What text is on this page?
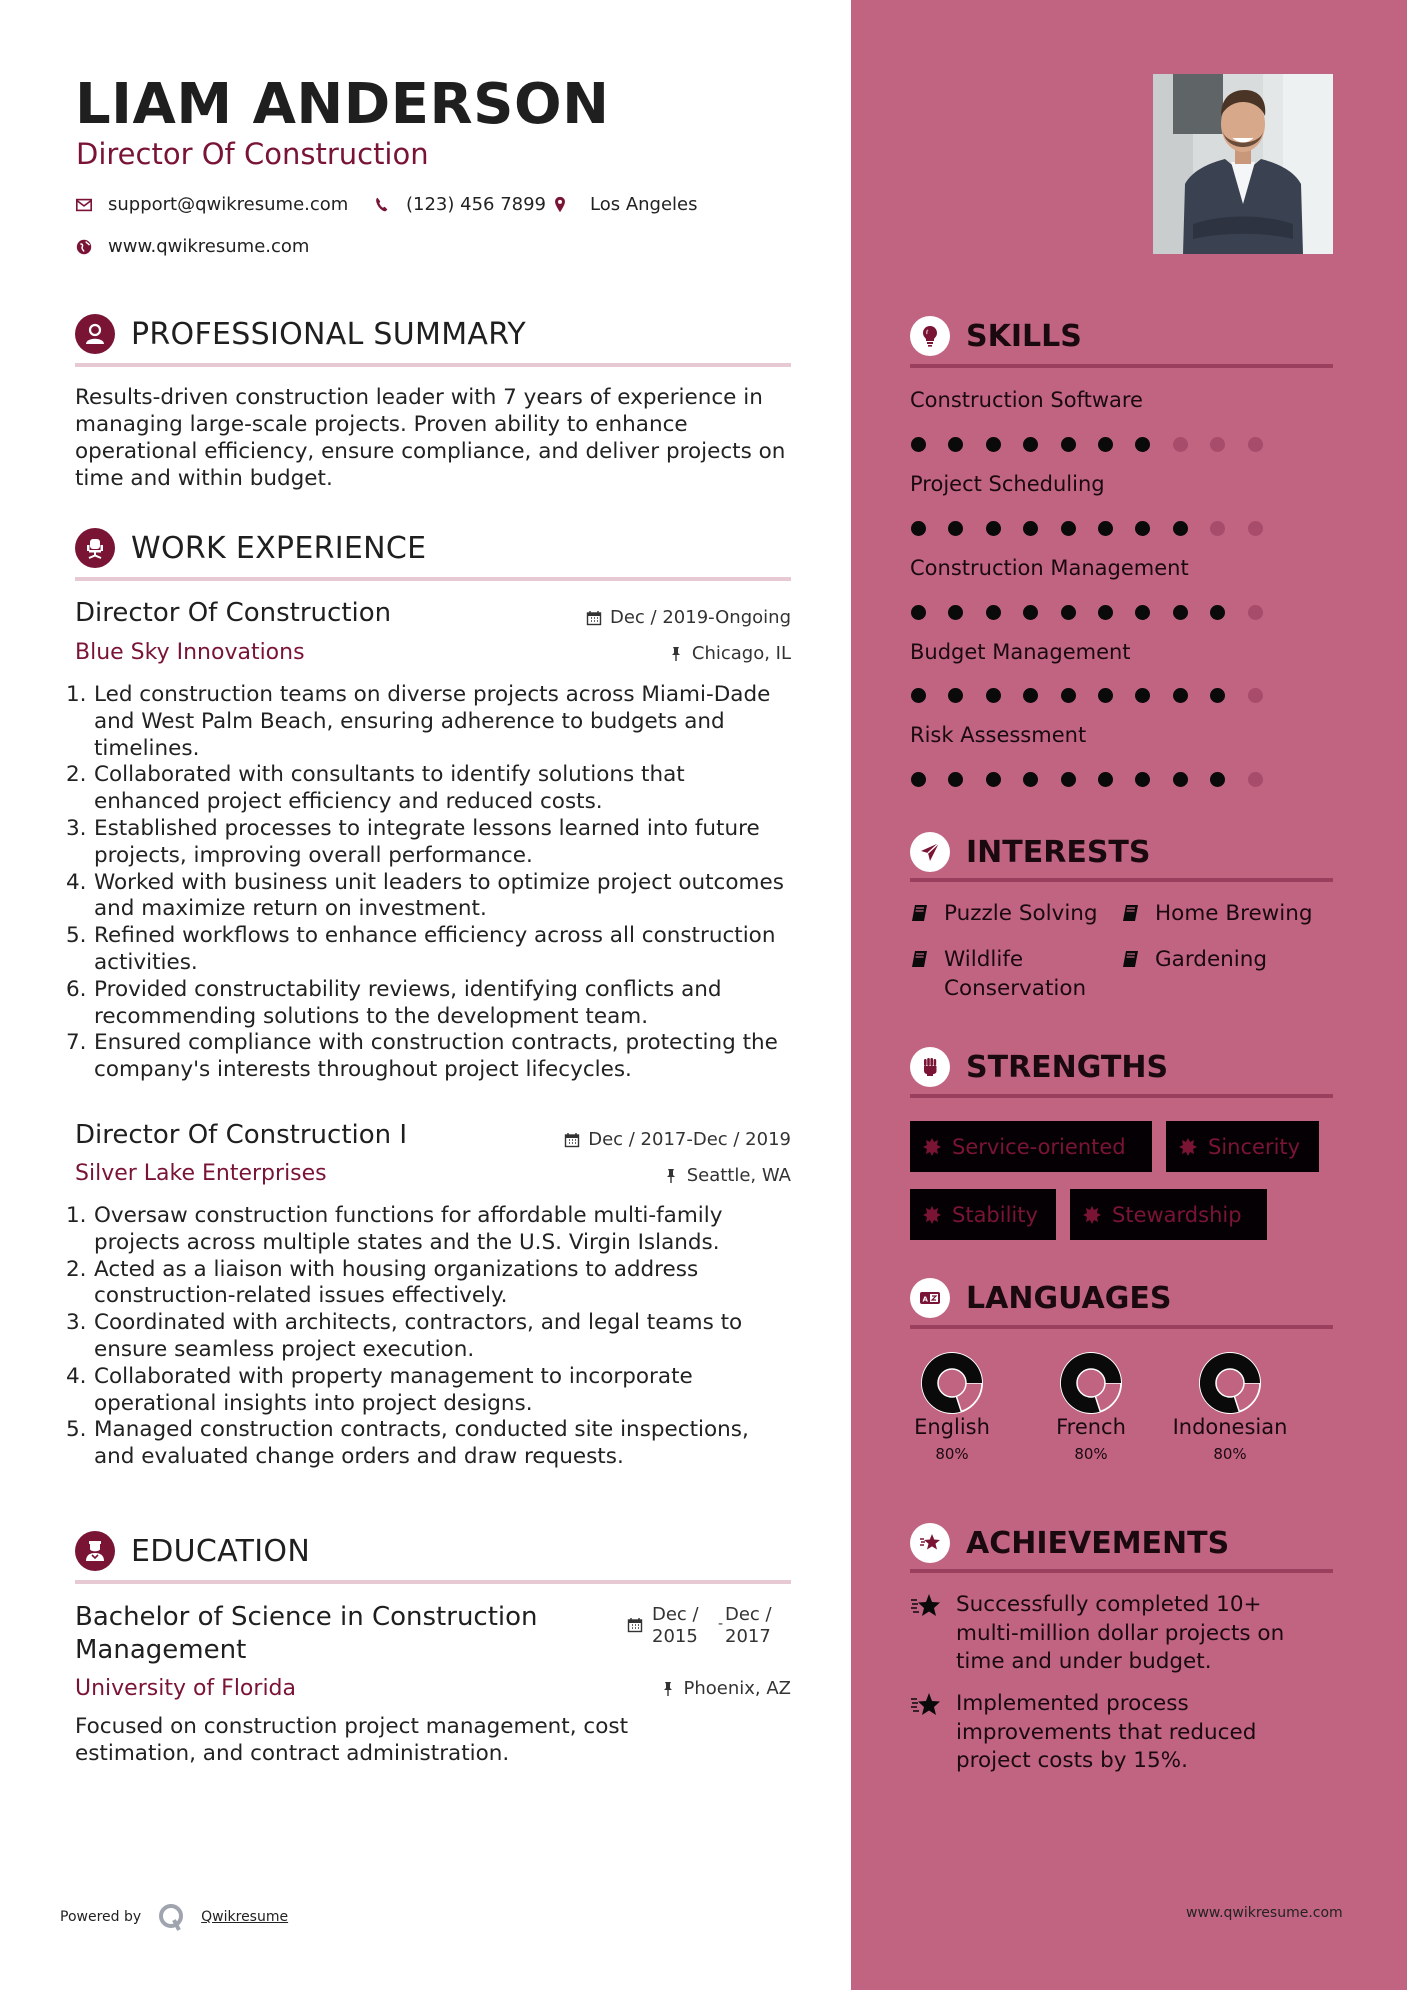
LIAM ANDERSON
Director Of Construction
support@qwikresume.com	(123) 456 7899 Los Angeles
www.qwikresume.com
PROFESSIONAL SUMMARY
Results-driven construction leader with 7 years of experience in managing large-scale projects. Proven ability to enhance operational efficiency, ensure compliance, and deliver projects on time and within budget.
WORK EXPERIENCE
Director Of Construction	Dec / 2019-Ongoing
Blue Sky Innovations	Chicago, IL
1. Led construction teams on diverse projects across Miami-Dade and West Palm Beach, ensuring adherence to budgets and timelines.
2. Collaborated with consultants to identify solutions that enhanced project efficiency and reduced costs.
3. Established processes to integrate lessons learned into future projects, improving overall performance.
4. Worked with business unit leaders to optimize project outcomes and maximize return on investment.
5. Refined workflows to enhance efficiency across all construction activities.
6. Provided constructability reviews, identifying conflicts and recommending solutions to the development team.
7. Ensured compliance with construction contracts, protecting the company's interests throughout project lifecycles.
Director Of Construction I	Dec / 2017-Dec / 2019
Silver Lake Enterprises	Seattle, WA
1. Oversaw construction functions for affordable multi-family projects across multiple states and the U.S. Virgin Islands.
2. Acted as a liaison with housing organizations to address construction-related issues effectively.
3. Coordinated with architects, contractors, and legal teams to ensure seamless project execution.
4. Collaborated with property management to incorporate operational insights into project designs.
5. Managed construction contracts, conducted site inspections, and evaluated change orders and draw requests.
EDUCATION
Bachelor of Science in Construction
Management
Dec /
2015
- Dec /
2017
University of Florida	Phoenix, AZ
Focused on construction project management, cost estimation, and contract administration.
Powered by	Qwikresume
SKILLS
Construction Software
Project Scheduling
Construction Management
Budget Management
Risk Assessment
INTERESTS
Puzzle Solving	Home Brewing
Wildlife Conservation
Gardening
STRENGTHS
Service-oriented	Sincerity
Stability	Stewardship
A LANGUAGES
English
80%
French
80%
Indonesian
80%
ACHIEVEMENTS
Successfully completed 10+ multi-million dollar projects on time and under budget.
Implemented process improvements that reduced project costs by 15%.
www.qwikresume.com
